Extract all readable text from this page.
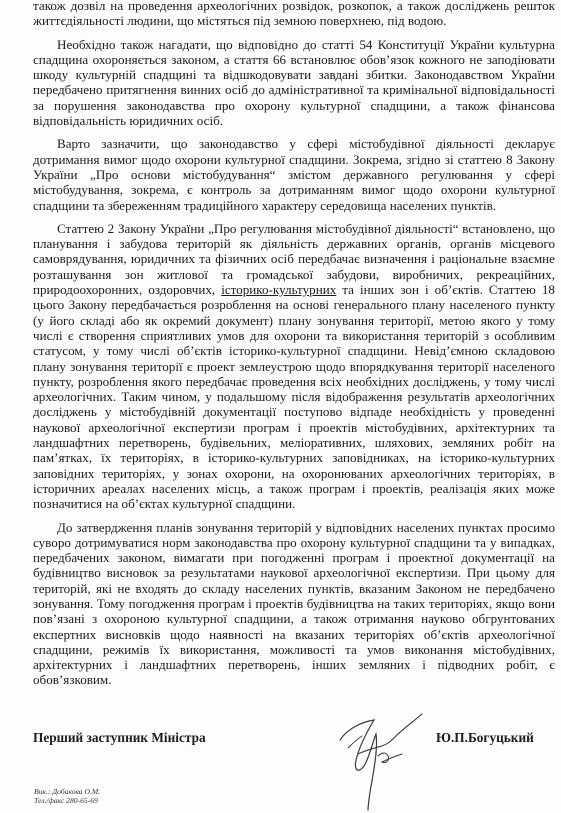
також дозвіл на проведення археологічних розвідок, розкопок, а також досліджень решток життєдіяльності людини, що містяться під земною поверхнею, під водою.

Необхідно також нагадати, що відповідно до статті 54 Конституції України культурна спадщина охороняється законом, а стаття 66 встановлює обов’язок кожного не заподіювати шкоду культурній спадщині та відшкодовувати завдані збитки. Законодавством України передбачено притягнення винних осіб до адміністративної та кримінальної відповідальності за порушення законодавства про охорону культурної спадщини, а також фінансова відповідальність юридичних осіб.

Варто зазначити, що законодавство у сфері містобудівної діяльності декларує дотримання вимог щодо охорони культурної спадщини. Зокрема, згідно зі статтею 8 Закону України „Про основи містобудування“ змістом державного регулювання у сфері містобудування, зокрема, є контроль за дотриманням вимог щодо охорони культурної спадщини та збереженням традиційного характеру середовища населених пунктів.

Статтею 2 Закону України „Про регулювання містобудівної діяльності“ встановлено, що планування і забудова територій як діяльність державних органів, органів місцевого самоврядування, юридичних та фізичних осіб передбачає визначення і раціональне взаємне розташування зон житлової та громадської забудови, виробничих, рекреаційних, природоохоронних, оздоровчих, історико-культурних та інших зон і об’єктів. Статтею 18 цього Закону передбачається розроблення на основі генерального плану населеного пункту (у його складі або як окремий документ) плану зонування території, метою якого у тому числі є створення сприятливих умов для охорони та використання територій з особливим статусом, у тому числі об’єктів історико-культурної спадщини. Невід’ємною складовою плану зонування території є проект землеустрою щодо впорядкування території населеного пункту, розроблення якого передбачає проведення всіх необхідних досліджень, у тому числі археологічних. Таким чином, у подальшому після відображення результатів археологічних досліджень у містобудівній документації поступово відпаде необхідність у проведенні наукової археологічної експертизи програм і проектів містобудівних, архітектурних та ландшафтних перетворень, будівельних, меліоративних, шляхових, земляних робіт на пам’ятках, їх територіях, в історико-культурних заповідниках, на історико-культурних заповідних територіях, у зонах охорони, на охоронюваних археологічних територіях, в історичних ареалах населених місць, а також програм і проектів, реалізація яких може позначитися на об’єктах культурної спадщини.

До затвердження планів зонування територій у відповідних населених пунктах просимо суворо дотримуватися норм законодавства про охорону культурної спадщини та у випадках, передбачених законом, вимагати при погодженні програм і проектної документації на будівництво висновок за результатами наукової археологічної експертизи. При цьому для територій, які не входять до складу населених пунктів, вказаним Законом не передбачено зонування. Тому погодження програм і проектів будівництва на таких територіях, якщо вони пов’язані з охороною культурної спадщини, а також отримання науково обгрунтованих експертних висновків щодо наявності на вказаних територіях об’єктів археологічної спадщини, режимів їх використання, можливості та умов виконання містобудівних, архітектурних і ландшафтних перетворень, інших земляних і підводних робіт, є обов’язковим.

Перший заступник Міністра	Ю.П.Богуцький
Вик.: Добакова О.М.
Тел./факс 280-65-69
